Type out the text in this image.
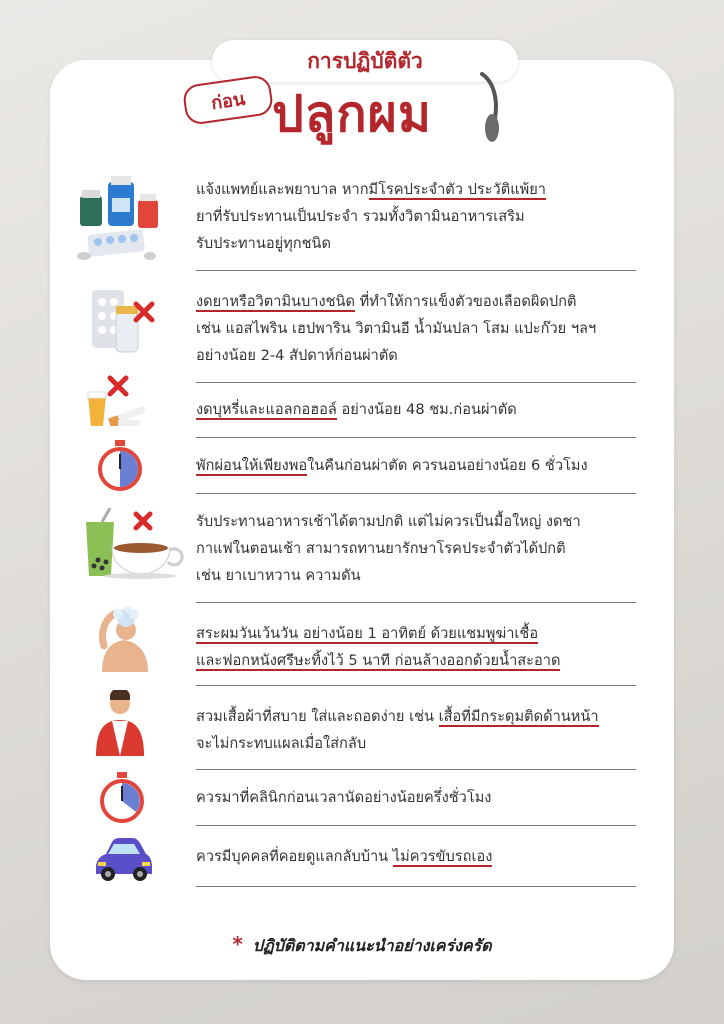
การปฏิบัติตัว
ก่อน ปลูกผม
แจ้งแพทย์และพยาบาล หากมีโรคประจำตัว ประวัติแพ้ยา
ยาที่รับประทานเป็นประจำ รวมทั้งวิตามินอาหารเสริม
รับประทานอยู่ทุกชนิด
งดยาหรือวิตามินบางชนิด ที่ทำให้การแข็งตัวของเลือดผิดปกติ
เช่น แอสไพริน เฮปพาริน วิตามินอี น้ำมันปลา โสม แปะก๊วย ฯลฯ
อย่างน้อย 2-4 สัปดาห์ก่อนผ่าตัด
งดบุหรี่และแอลกอฮอล์ อย่างน้อย 48 ชม.ก่อนผ่าตัด
พักผ่อนให้เพียงพอในคืนก่อนผ่าตัด ควรนอนอย่างน้อย 6 ชั่วโมง
รับประทานอาหารเช้าได้ตามปกติ แต่ไม่ควรเป็นมื้อใหญ่ งดชา
กาแฟในตอนเช้า สามารถทานยารักษาโรคประจำตัวได้ปกติ
เช่น ยาเบาหวาน ความดัน
สระผมวันเว้นวัน อย่างน้อย 1 อาทิตย์ ด้วยแชมพูฆ่าเชื้อ
และฟอกหนังศรีษะทิ้งไว้ 5 นาที ก่อนล้างออกด้วยน้ำสะอาด
สวมเสื้อผ้าที่สบาย ใส่และถอดง่าย เช่น เสื้อที่มีกระดุมติดด้านหน้า
จะไม่กระทบแผลเมื่อใส่กลับ
ควรมาที่คลินิกก่อนเวลานัดอย่างน้อยครึ่งชั่วโมง
ควรมีบุคคลที่คอยดูแลกลับบ้าน ไม่ควรขับรถเอง
* ปฏิบัติตามคำแนะนำอย่างเคร่งครัด
